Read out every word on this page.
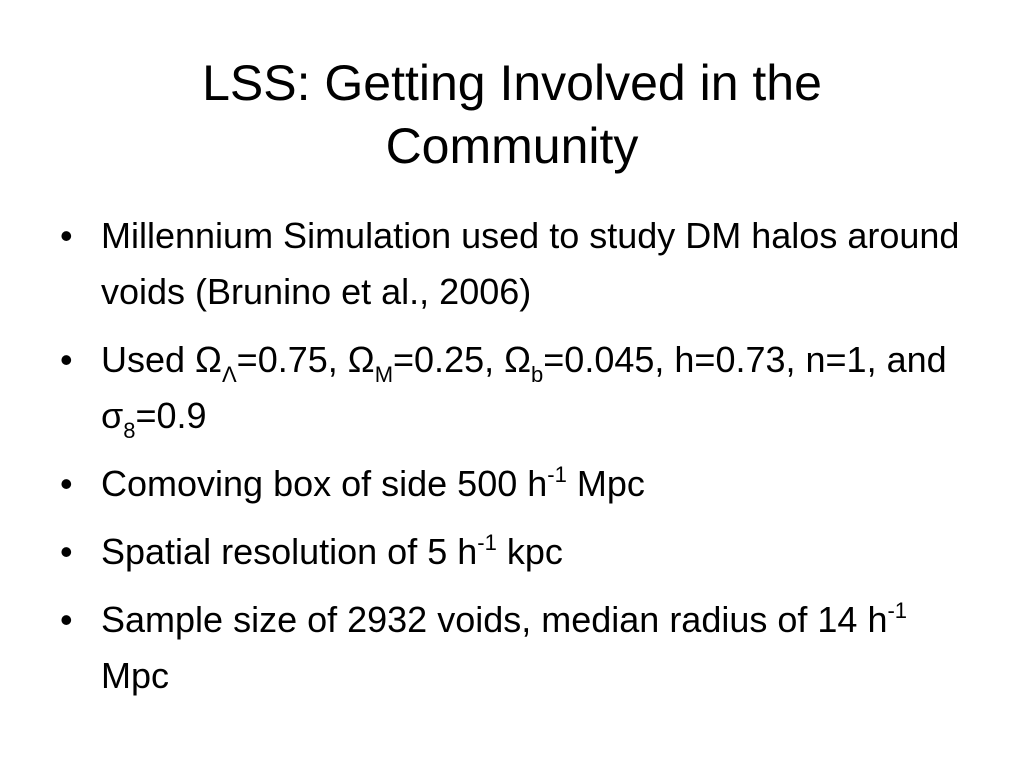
LSS: Getting Involved in the
Community
• Millennium Simulation used to study DM halos around voids (Brunino et al., 2006)
• Used $\Omega_\Lambda=0.75$, $\Omega_M=0.25$, $\Omega_b=0.045$, h=0.73, n=1, and $\sigma_8=0.9$
• Comoving box of side 500 $h^{-1}$ Mpc
• Spatial resolution of 5 $h^{-1}$ kpc
• Sample size of 2932 voids, median radius of 14 $h^{-1}$ Mpc
